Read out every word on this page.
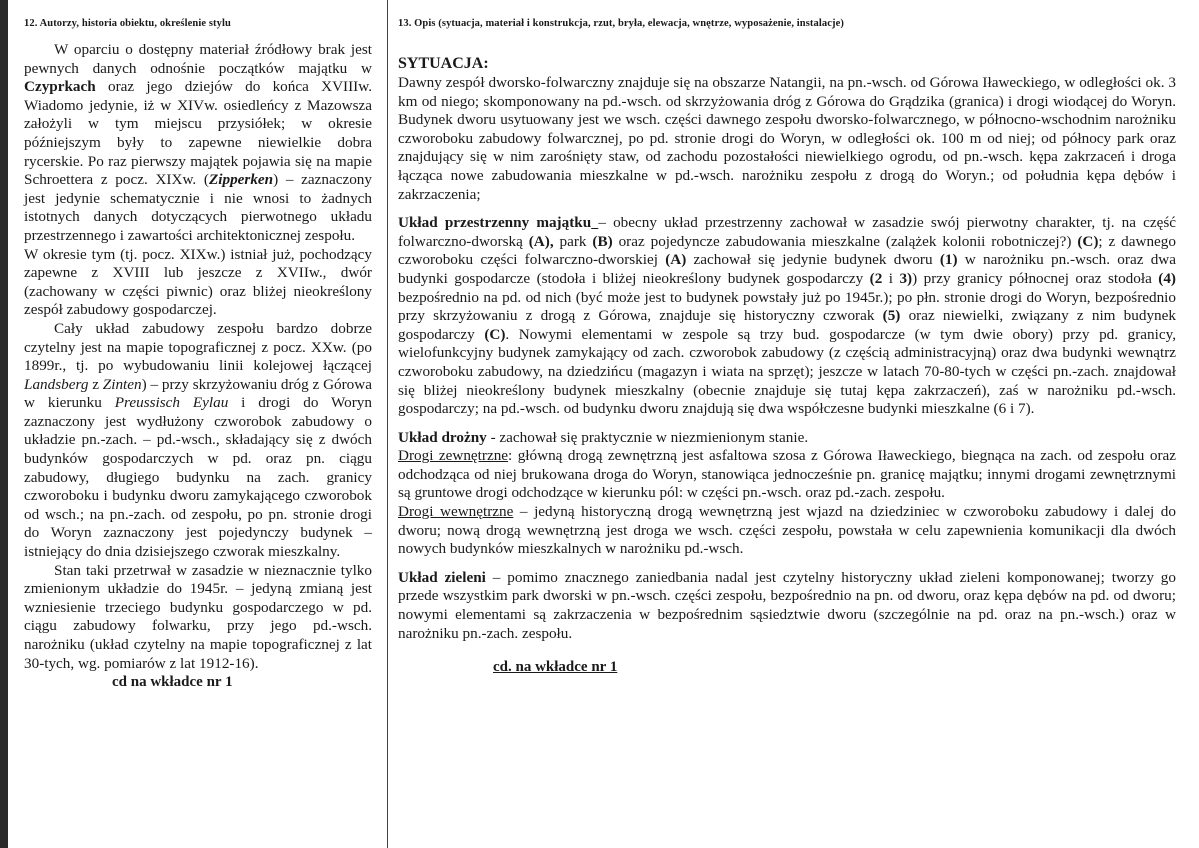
12. Autorzy, historia obiektu, określenie stylu

W oparciu o dostępny materiał źródłowy brak jest pewnych danych odnośnie początków majątku w Czyprkach oraz jego dziejów do końca XVIIIw. Wiadomo jedynie, iż w XIVw. osiedleńcy z Mazowsza założyli w tym miejscu przysiółek; w okresie późniejszym były to zapewne niewielkie dobra rycerskie. Po raz pierwszy majątek pojawia się na mapie Schroettera z pocz. XIXw. (Zipperken) – zaznaczony jest jedynie schematycznie i nie wnosi to żadnych istotnych danych dotyczących pierwotnego układu przestrzennego i zawartości architektonicznej zespołu.

W okresie tym (tj. pocz. XIXw.) istniał już, pochodzący zapewne z XVIII lub jeszcze z XVIIw., dwór (zachowany w części piwnic) oraz bliżej nieokreślony zespół zabudowy gospodarczej.

Cały układ zabudowy zespołu bardzo dobrze czytelny jest na mapie topograficznej z pocz. XXw. (po 1899r., tj. po wybudowaniu linii kolejowej łączącej Landsberg z Zinten) – przy skrzyżowaniu dróg z Górowa w kierunku Preussisch Eylau i drogi do Woryn zaznaczony jest wydłużony czworobok zabudowy o układzie pn.-zach. – pd.-wsch., składający się z dwóch budynków gospodarczych w pd. oraz pn. ciągu zabudowy, długiego budynku na zach. granicy czworoboku i budynku dworu zamykającego czworobok od wsch.; na pn.-zach. od zespołu, po pn. stronie drogi do Woryn zaznaczony jest pojedynczy budynek – istniejący do dnia dzisiejszego czworak mieszkalny.

Stan taki przetrwał w zasadzie w nieznacznie tylko zmienionym układzie do 1945r. – jedyną zmianą jest wzniesienie trzeciego budynku gospodarczego w pd. ciągu zabudowy folwarku, przy jego pd.-wsch. narożniku (układ czytelny na mapie topograficznej z lat 30-tych, wg. pomiarów z lat 1912-16).

cd na wkładce nr 1
13. Opis (sytuacja, materiał i konstrukcja, rzut, bryła, elewacja, wnętrze, wyposażenie, instalacje)
SYTUACJA:

Dawny zespół dworsko-folwarczny znajduje się na obszarze Natangii, na pn.-wsch. od Górowa Iławeckiego, w odległości ok. 3 km od niego; skomponowany na pd.-wsch. od skrzyżowania dróg z Górowa do Grądzika (granica) i drogi wiodącej do Woryn. Budynek dworu usytuowany jest we wsch. części dawnego zespołu dworsko-folwarcznego, w północno-wschodnim narożniku czworoboku zabudowy folwarcznej, po pd. stronie drogi do Woryn, w odległości ok. 100 m od niej; od północy park oraz znajdujący się w nim zarośnięty staw, od zachodu pozostałości niewielkiego ogrodu, od pn.-wsch. kępa zakrzaceń i droga łącząca nowe zabudowania mieszkalne w pd.-wsch. narożniku zespołu z drogą do Woryn.; od południa kępa dębów i zakrzaczenia;

Układ przestrzenny majątku – obecny układ przestrzenny zachował w zasadzie swój pierwotny charakter, tj. na część folwarczno-dworską (A), park (B) oraz pojedyncze zabudowania mieszkalne (zalążek kolonii robotniczej?) (C); z dawnego czworoboku części folwarczno-dworskiej (A) zachował się jedynie budynek dworu (1) w narożniku pn.-wsch. oraz dwa budynki gospodarcze (stodoła i bliżej nieokreślony budynek gospodarczy (2 i 3)) przy granicy północnej oraz stodoła (4) bezpośrednio na pd. od nich (być może jest to budynek powstały już po 1945r.); po płn. stronie drogi do Woryn, bezpośrednio przy skrzyżowaniu z drogą z Górowa, znajduje się historyczny czworak (5) oraz niewielki, związany z nim budynek gospodarczy (C). Nowymi elementami w zespole są trzy bud. gospodarcze (w tym dwie obory) przy pd. granicy, wielofunkcyjny budynek zamykający od zach. czworobok zabudowy (z częścią administracyjną) oraz dwa budynki wewnątrz czworoboku zabudowy, na dziedzińcu (magazyn i wiata na sprzęt); jeszcze w latach 70-80-tych w części pn.-zach. znajdował się bliżej nieokreślony budynek mieszkalny (obecnie znajduje się tutaj kępa zakrzaczeń), zaś w narożniku pd.-wsch. gospodarczy; na pd.-wsch. od budynku dworu znajdują się dwa współczesne budynki mieszkalne (6 i 7).

Układ drożny - zachował się praktycznie w niezmienionym stanie.

Drogi zewnętrzne: główną drogą zewnętrzną jest asfaltowa szosa z Górowa Iławeckiego, biegnąca na zach. od zespołu oraz odchodząca od niej brukowana droga do Woryn, stanowiąca jednocześnie pn. granicę majątku; innymi drogami zewnętrznymi są gruntowe drogi odchodzące w kierunku pól: w części pn.-wsch. oraz pd.-zach. zespołu.

Drogi wewnętrzne – jedyną historyczną drogą wewnętrzną jest wjazd na dziedziniec w czworoboku zabudowy i dalej do dworu; nową drogą wewnętrzną jest droga we wsch. części zespołu, powstała w celu zapewnienia komunikacji dla dwóch nowych budynków mieszkalnych w narożniku pd.-wsch.

Układ zieleni – pomimo znacznego zaniedbania nadal jest czytelny historyczny układ zieleni komponowanej; tworzy go przede wszystkim park dworski w pn.-wsch. części zespołu, bezpośrednio na pn. od dworu, oraz kępa dębów na pd. od dworu; nowymi elementami są zakrzaczenia w bezpośrednim sąsiedztwie dworu (szczególnie na pd. oraz na pn.-wsch.) oraz w narożniku pn.-zach. zespołu.

cd. na wkładce nr 1
